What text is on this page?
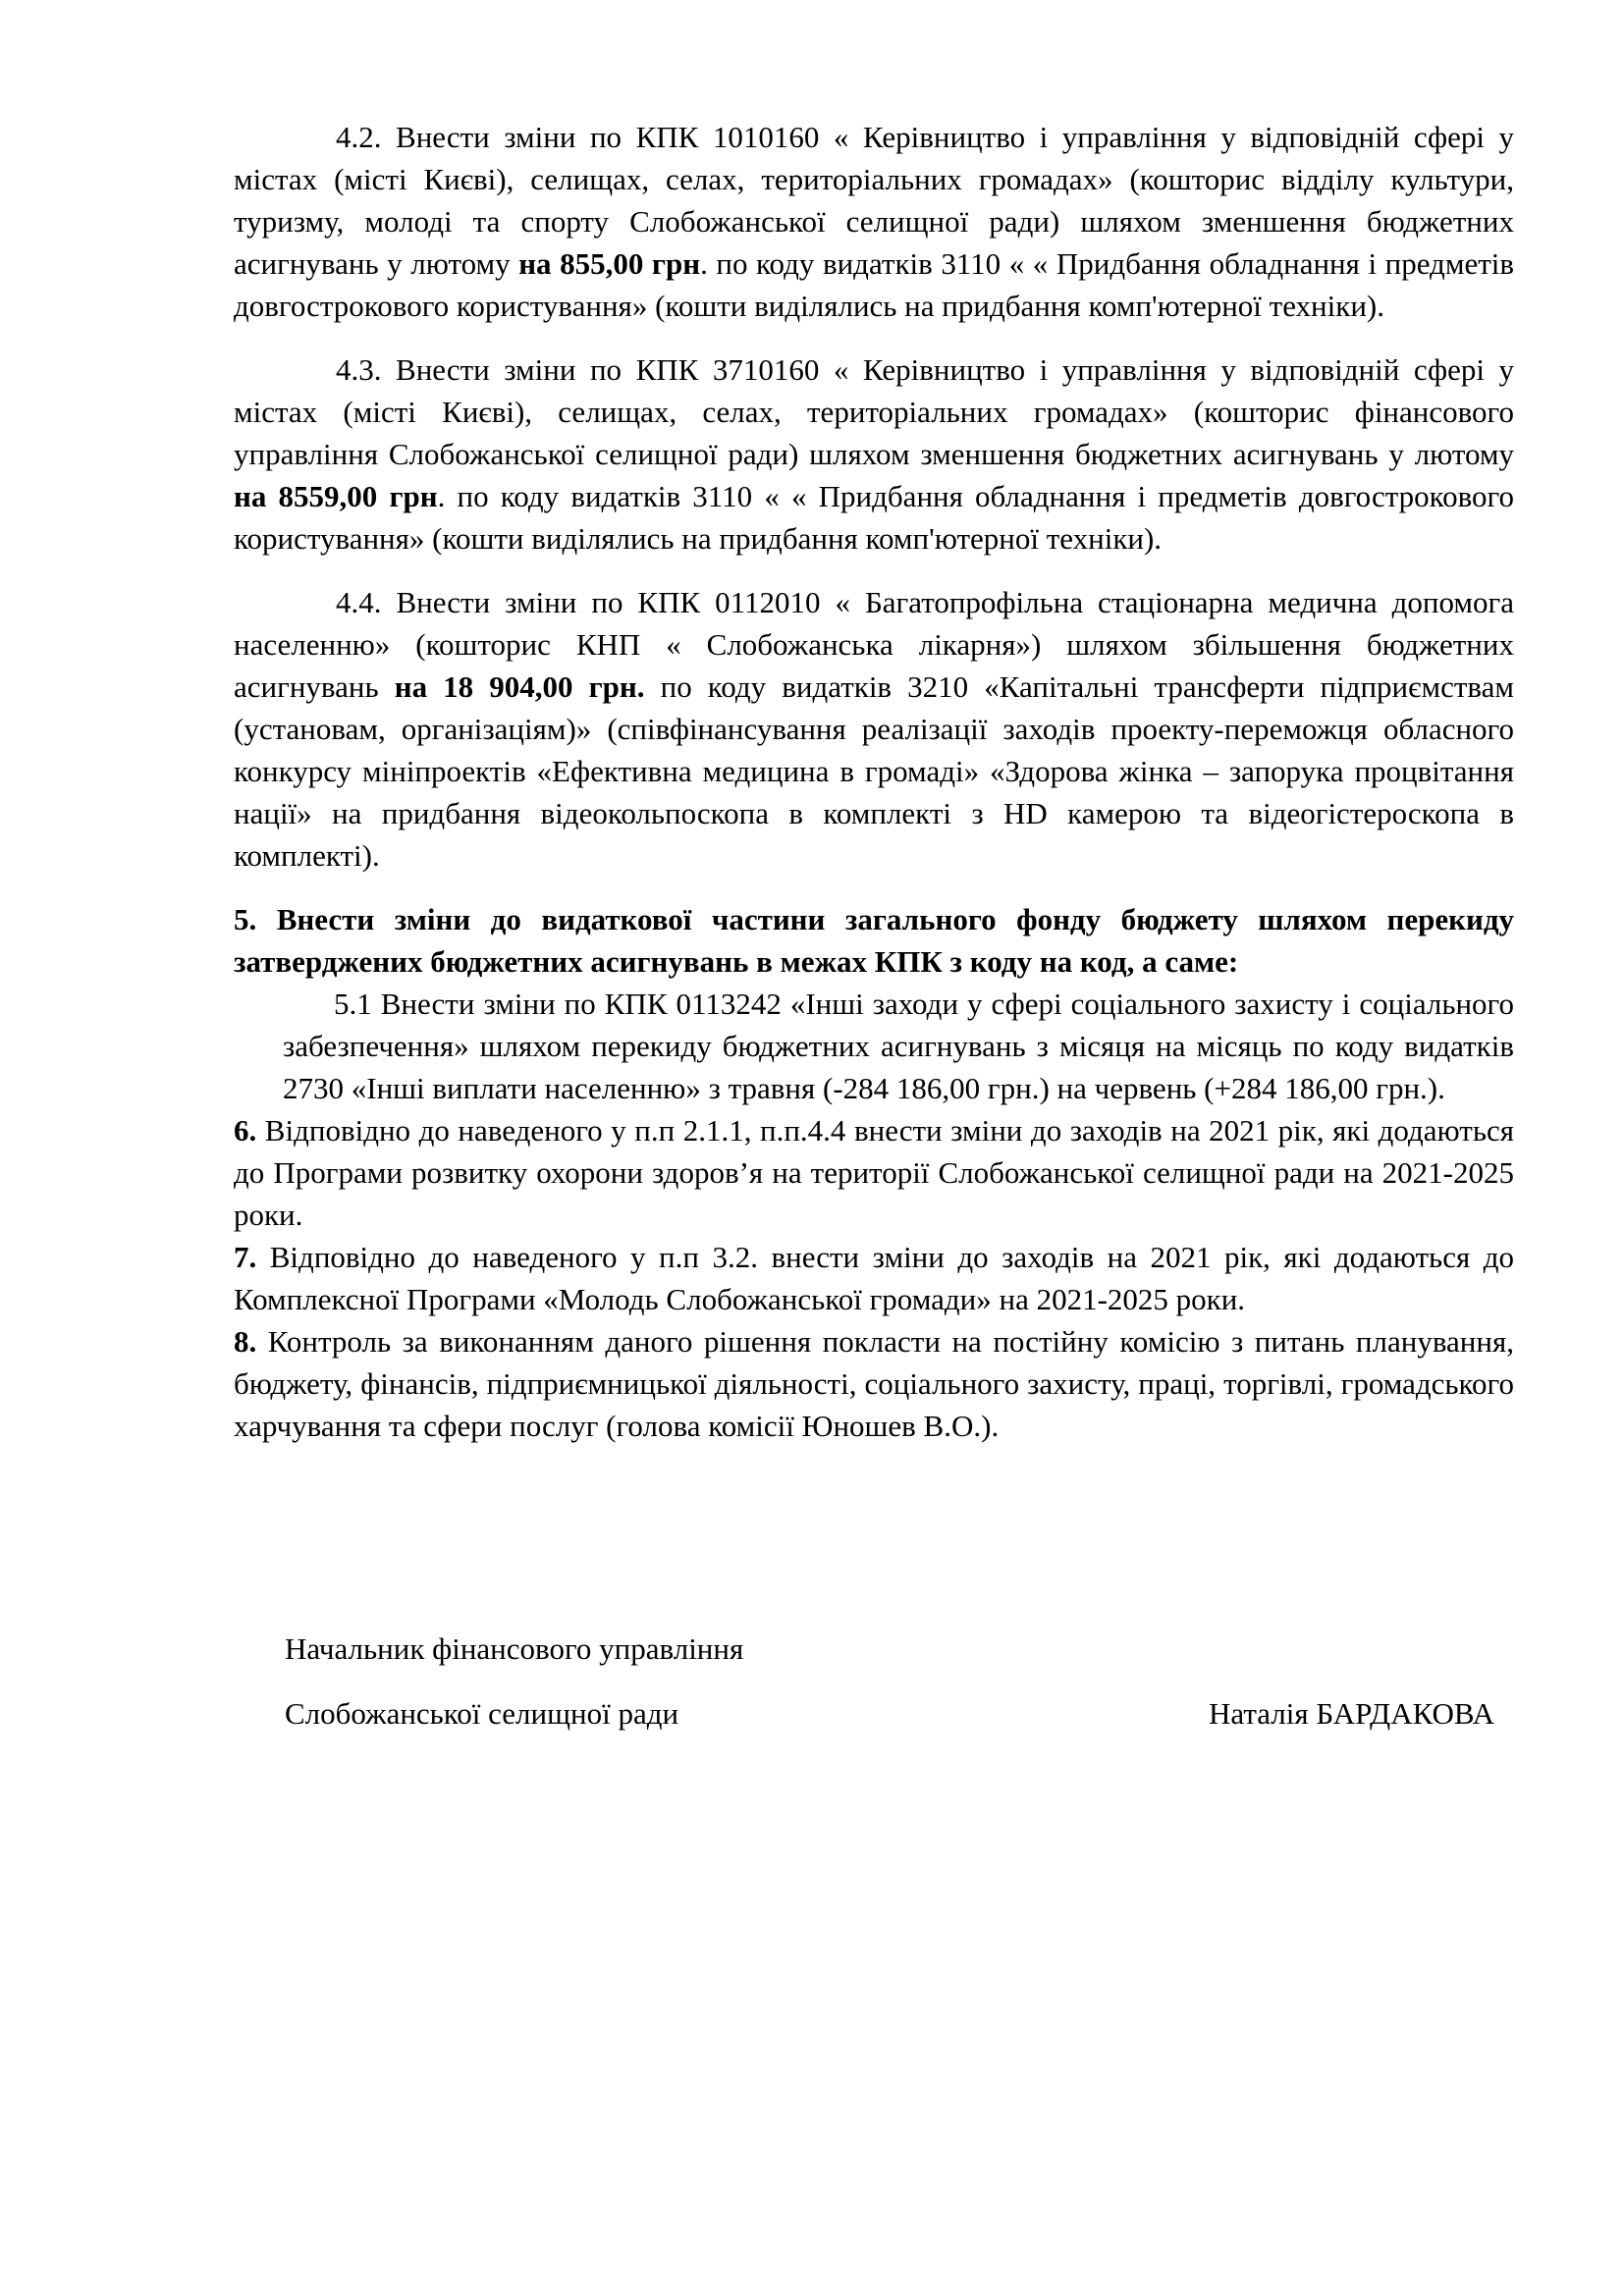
4.2. Внести зміни по КПК 1010160 « Керівництво і управління у відповідній сфері у містах (місті Києві), селищах, селах, територіальних громадах» (кошторис відділу культури, туризму, молоді та спорту Слобожанської селищної ради) шляхом зменшення бюджетних асигнувань у лютому на 855,00 грн. по коду видатків 3110 « « Придбання обладнання і предметів довгострокового користування» (кошти виділялись на придбання комп'ютерної техніки).

4.3. Внести зміни по КПК 3710160 « Керівництво і управління у відповідній сфері у містах (місті Києві), селищах, селах, територіальних громадах» (кошторис фінансового управління Слобожанської селищної ради) шляхом зменшення бюджетних асигнувань у лютому на 8559,00 грн. по коду видатків 3110 « « Придбання обладнання і предметів довгострокового користування» (кошти виділялись на придбання комп'ютерної техніки).

4.4. Внести зміни по КПК 0112010 « Багатопрофільна стаціонарна медична допомога населенню» (кошторис КНП « Слобожанська лікарня») шляхом збільшення бюджетних асигнувань на 18 904,00 грн. по коду видатків 3210 «Капітальні трансферти підприємствам (установам, організаціям)» (співфінансування реалізації заходів проекту-переможця обласного конкурсу мініпроектів «Ефективна медицина в громаді» «Здорова жінка – запорука процвітання нації» на придбання відеокольпоскопа в комплекті з HD камерою та відеогістероскопа в комплекті).

5. Внести зміни до видаткової частини загального фонду бюджету шляхом перекиду затверджених бюджетних асигнувань в межах КПК з коду на код, а саме:

5.1 Внести зміни по КПК 0113242 «Інші заходи у сфері соціального захисту і соціального забезпечення» шляхом перекиду бюджетних асигнувань з місяця на місяць по коду видатків 2730 «Інші виплати населенню» з травня (-284 186,00 грн.) на червень (+284 186,00 грн.).

6. Відповідно до наведеного у п.п 2.1.1, п.п.4.4 внести зміни до заходів на 2021 рік, які додаються до Програми розвитку охорони здоров’я на території Слобожанської селищної ради на 2021-2025 роки.

7. Відповідно до наведеного у п.п 3.2. внести зміни до заходів на 2021 рік, які додаються до Комплексної Програми «Молодь Слобожанської громади» на 2021-2025 роки.

8. Контроль за виконанням даного рішення покласти на постійну комісію з питань планування, бюджету, фінансів, підприємницької діяльності, соціального захисту, праці, торгівлі, громадського харчування та сфери послуг (голова комісії Юношев В.О.).

Начальник фінансового управління
Слобожанської селищної ради	Наталія БАРДАКОВА
